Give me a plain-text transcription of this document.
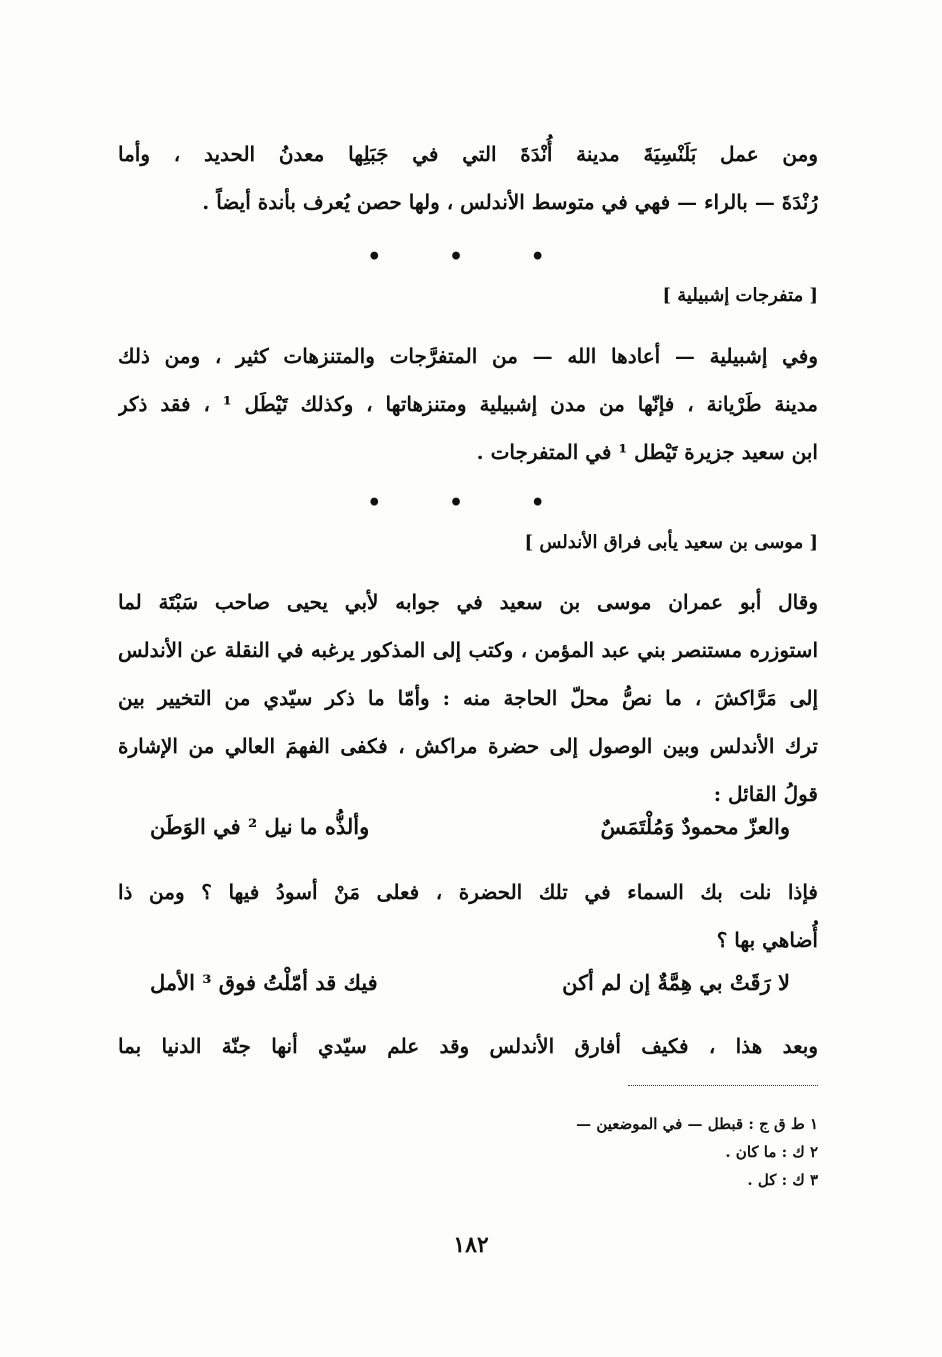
ومن عمل بَلَنْسِيَةَ مدينة أُنْدَةَ التي في جَبَلِها معدنُ الحديد ، وأما
رُنْدَةَ — بالراء — فهي في متوسط الأندلس ، ولها حصن يُعرف بأندة أيضاً .
• • •
[ متفرجات إشبيلية ]
وفي إشبيلية — أعادها الله — من المتفرَّجات والمتنزهات كثير ، ومن ذلك
مدينة طَرْيانة ، فإنّها من مدن إشبيلية ومتنزهاتها ، وكذلك تَيْطَل ¹ ، فقد ذكر
ابن سعيد جزيرة تَيْطل ¹ في المتفرجات .
• • •
[ موسى بن سعيد يأبى فراق الأندلس ]
وقال أبو عمران موسى بن سعيد في جوابه لأبي يحيى صاحب سَبْتَة لما
استوزره مستنصر بني عبد المؤمن ، وكتب إلى المذكور يرغبه في النقلة عن الأندلس
إلى مَرَّاكشَ ، ما نصُّ محلّ الحاجة منه : وأمّا ما ذكر سيّدي من التخيير بين
ترك الأندلس وبين الوصول إلى حضرة مراكش ، فكفى الفهمَ العالي من الإشارة
قولُ القائل :
والعزّ محمودٌ وَمُلْتَمَسٌ
وألذُّه ما نيل ² في الوَطَن
فإذا نلت بك السماء في تلك الحضرة ، فعلى مَنْ أسودُ فيها ؟ ومن ذا
أُضاهي بها ؟
لا رَقَتْ بي هِمَّةٌ إن لم أكن
فيك قد أمّلْتُ فوق ³ الأمل
وبعد هذا ، فكيف أفارق الأندلس وقد علم سيّدي أنها جنّة الدنيا بما
١ ط ق ج : قبطل — في الموضعين —
٢ ك : ما كان .
٣ ك : كل .
١٨٢
